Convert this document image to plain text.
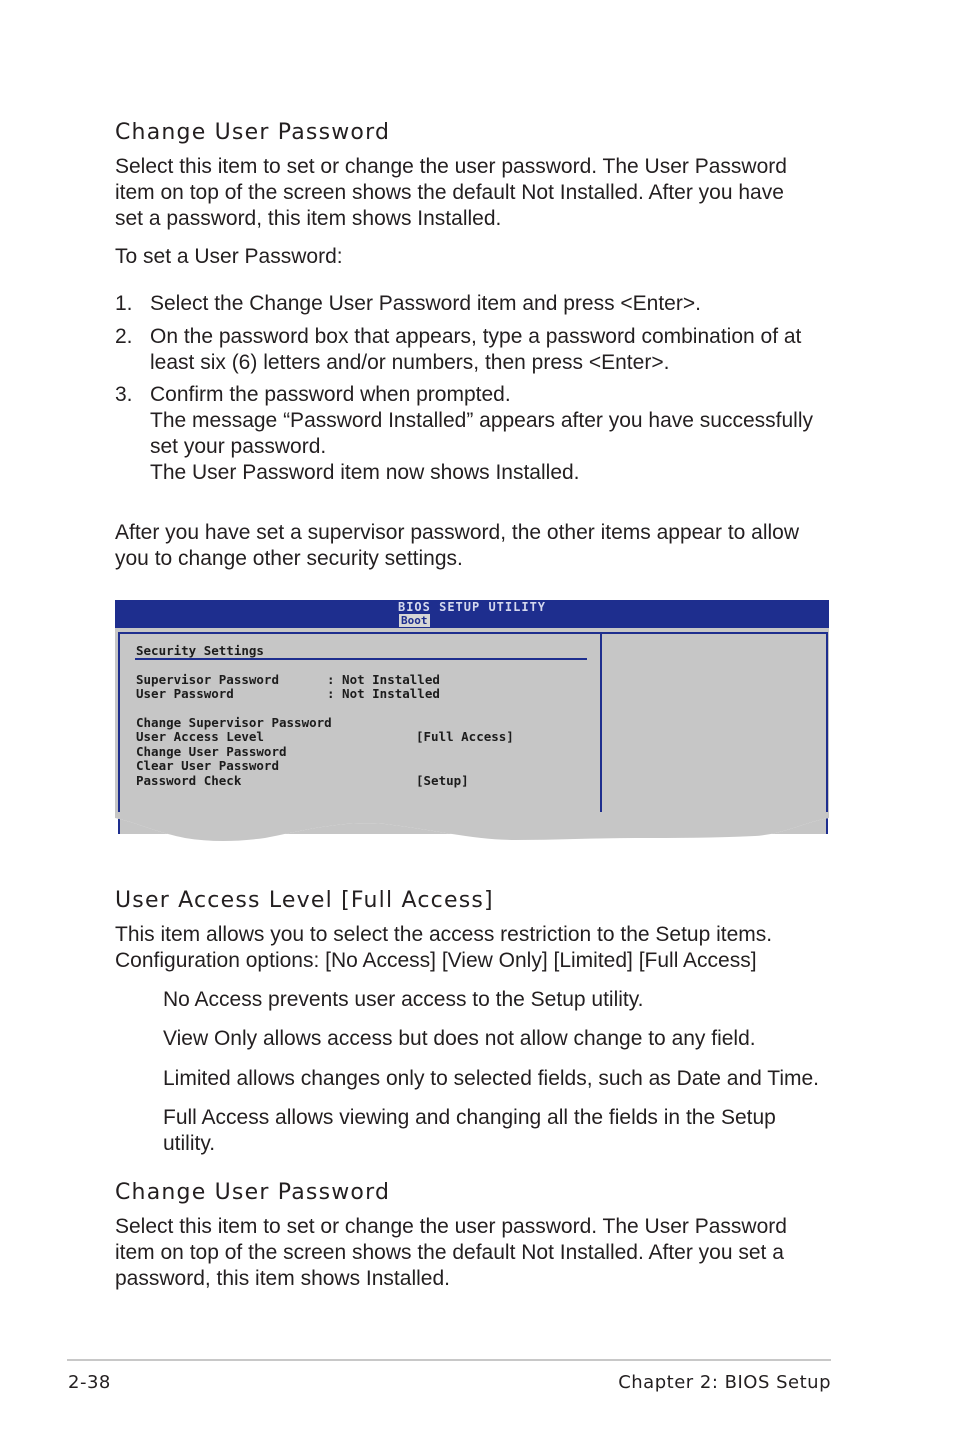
Change User Password

Select this item to set or change the user password. The User Password
item on top of the screen shows the default Not Installed. After you have
set a password, this item shows Installed.

To set a User Password:

1. Select the Change User Password item and press <Enter>.

2. On the password box that appears, type a password combination of at
least six (6) letters and/or numbers, then press <Enter>.

3. Confirm the password when prompted.
The message “Password Installed” appears after you have successfully
set your password.
The User Password item now shows Installed.

After you have set a supervisor password, the other items appear to allow
you to change other security settings.

BIOS SETUP UTILITY
Boot
Security Settings
Supervisor Password	: Not Installed
User Password	: Not Installed
Change Supervisor Password
User Access Level	[Full Access]
Change User Password
Clear User Password
Password Check	[Setup]
User Access Level [Full Access]

This item allows you to select the access restriction to the Setup items.
Configuration options: [No Access] [View Only] [Limited] [Full Access]

No Access prevents user access to the Setup utility.

View Only allows access but does not allow change to any field.

Limited allows changes only to selected fields, such as Date and Time.

Full Access allows viewing and changing all the fields in the Setup
utility.

Change User Password

Select this item to set or change the user password. The User Password
item on top of the screen shows the default Not Installed. After you set a
password, this item shows Installed.

2-38	Chapter 2: BIOS Setup
